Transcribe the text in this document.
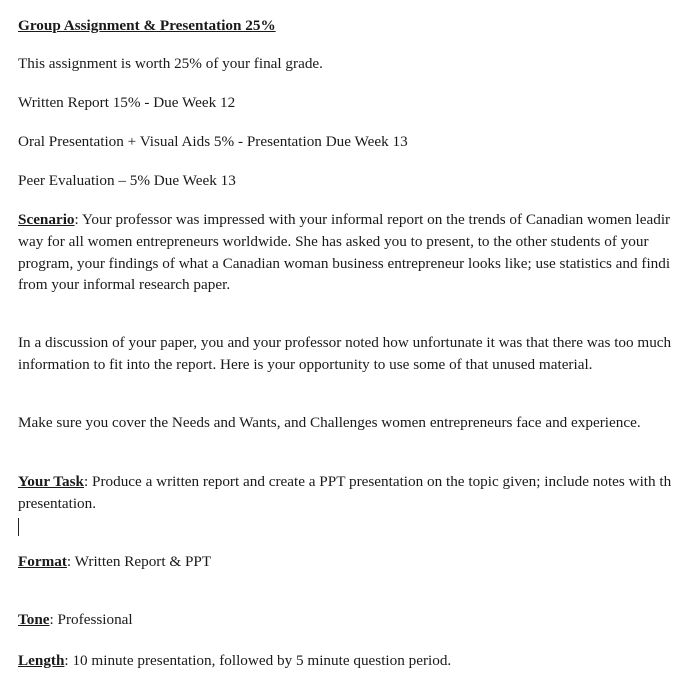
Group Assignment & Presentation 25%
This assignment is worth 25% of your final grade.
Written Report 15% - Due Week 12
Oral Presentation + Visual Aids 5% - Presentation Due Week 13
Peer Evaluation – 5% Due Week 13
Scenario: Your professor was impressed with your informal report on the trends of Canadian women leadir
way for all women entrepreneurs worldwide. She has asked you to present, to the other students of your
program, your findings of what a Canadian woman business entrepreneur looks like; use statistics and findi
from your informal research paper.
In a discussion of your paper, you and your professor noted how unfortunate it was that there was too much
information to fit into the report. Here is your opportunity to use some of that unused material.
Make sure you cover the Needs and Wants, and Challenges women entrepreneurs face and experience.
Your Task: Produce a written report and create a PPT presentation on the topic given; include notes with th
presentation.
Format: Written Report & PPT
Tone: Professional
Length: 10 minute presentation, followed by 5 minute question period.
